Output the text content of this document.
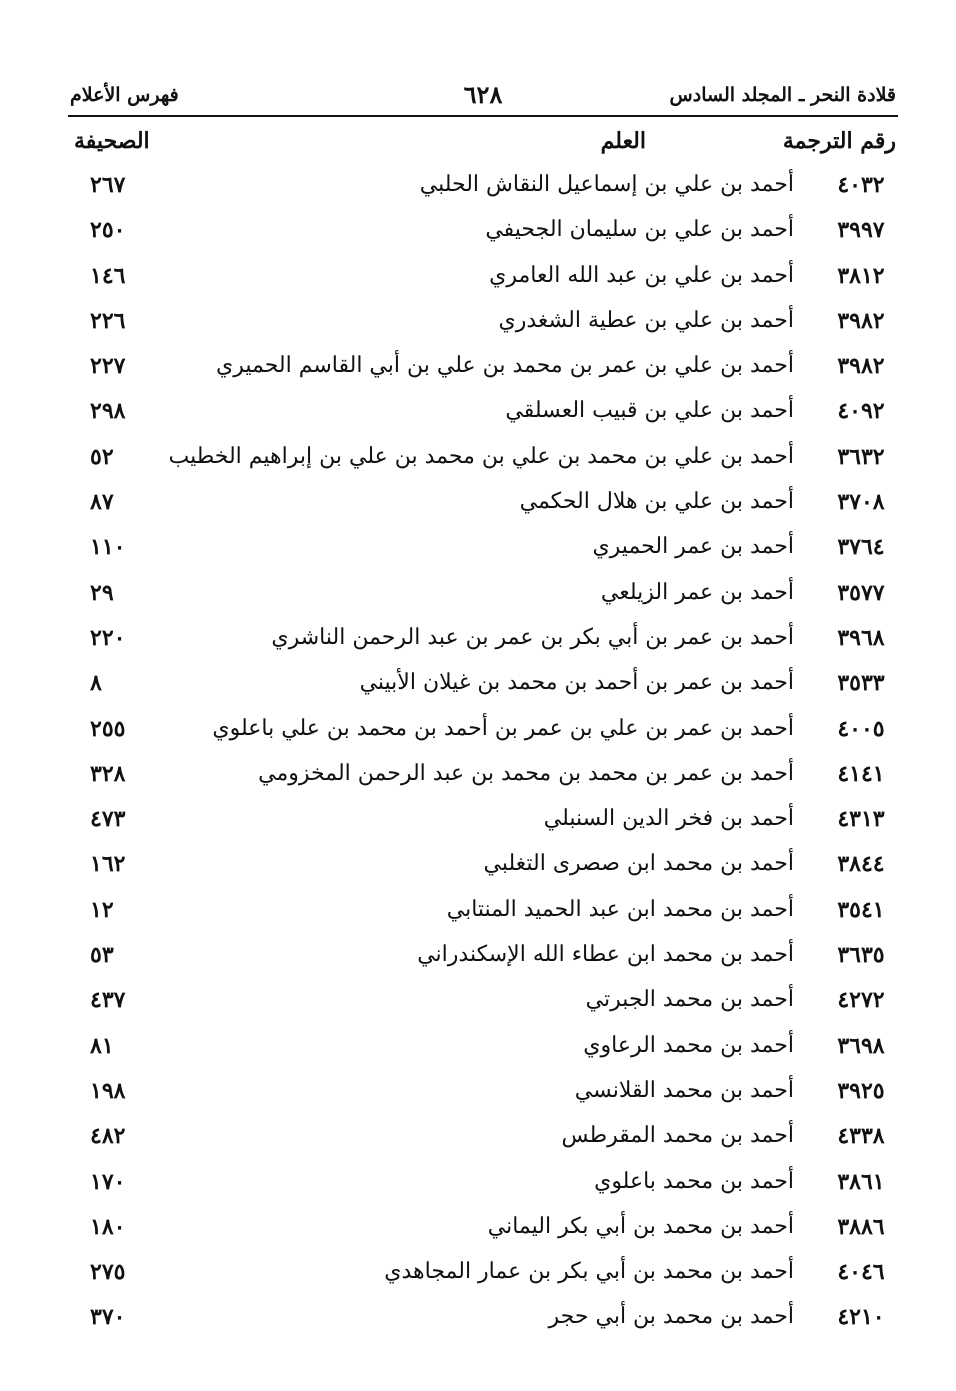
قلادة النحر ـ المجلد السادس
٦٢٨
فهرس الأعلام
رقم الترجمة
العلم
الصحيفة
٤٠٣٢
أحمد بن علي بن إسماعيل النقاش الحلبي
٢٦٧
٣٩٩٧
أحمد بن علي بن سليمان الجحيفي
٢٥٠
٣٨١٢
أحمد بن علي بن عبد الله العامري
١٤٦
٣٩٨٢
أحمد بن علي بن عطية الشغدري
٢٢٦
٣٩٨٢
أحمد بن علي بن عمر بن محمد بن علي بن أبي القاسم الحميري
٢٢٧
٤٠٩٢
أحمد بن علي بن قبيب العسلقي
٢٩٨
٣٦٣٢
أحمد بن علي بن محمد بن علي بن محمد بن علي بن إبراهيم الخطيب
٥٢
٣٧٠٨
أحمد بن علي بن هلال الحكمي
٨٧
٣٧٦٤
أحمد بن عمر الحميري
١١٠
٣٥٧٧
أحمد بن عمر الزيلعي
٢٩
٣٩٦٨
أحمد بن عمر بن أبي بكر بن عمر بن عبد الرحمن الناشري
٢٢٠
٣٥٣٣
أحمد بن عمر بن أحمد بن محمد بن غيلان الأبيني
٨
٤٠٠٥
أحمد بن عمر بن علي بن عمر بن أحمد بن محمد بن علي باعلوي
٢٥٥
٤١٤١
أحمد بن عمر بن محمد بن محمد بن عبد الرحمن المخزومي
٣٢٨
٤٣١٣
أحمد بن فخر الدين السنبلي
٤٧٣
٣٨٤٤
أحمد بن محمد ابن صصرى التغلبي
١٦٢
٣٥٤١
أحمد بن محمد ابن عبد الحميد المنتابي
١٢
٣٦٣٥
أحمد بن محمد ابن عطاء الله الإسكندراني
٥٣
٤٢٧٢
أحمد بن محمد الجبرتي
٤٣٧
٣٦٩٨
أحمد بن محمد الرعاوي
٨١
٣٩٢٥
أحمد بن محمد القلانسي
١٩٨
٤٣٣٨
أحمد بن محمد المقرطس
٤٨٢
٣٨٦١
أحمد بن محمد باعلوي
١٧٠
٣٨٨٦
أحمد بن محمد بن أبي بكر اليماني
١٨٠
٤٠٤٦
أحمد بن محمد بن أبي بكر بن عمار المجاهدي
٢٧٥
٤٢١٠
أحمد بن محمد بن أبي حجر
٣٧٠
